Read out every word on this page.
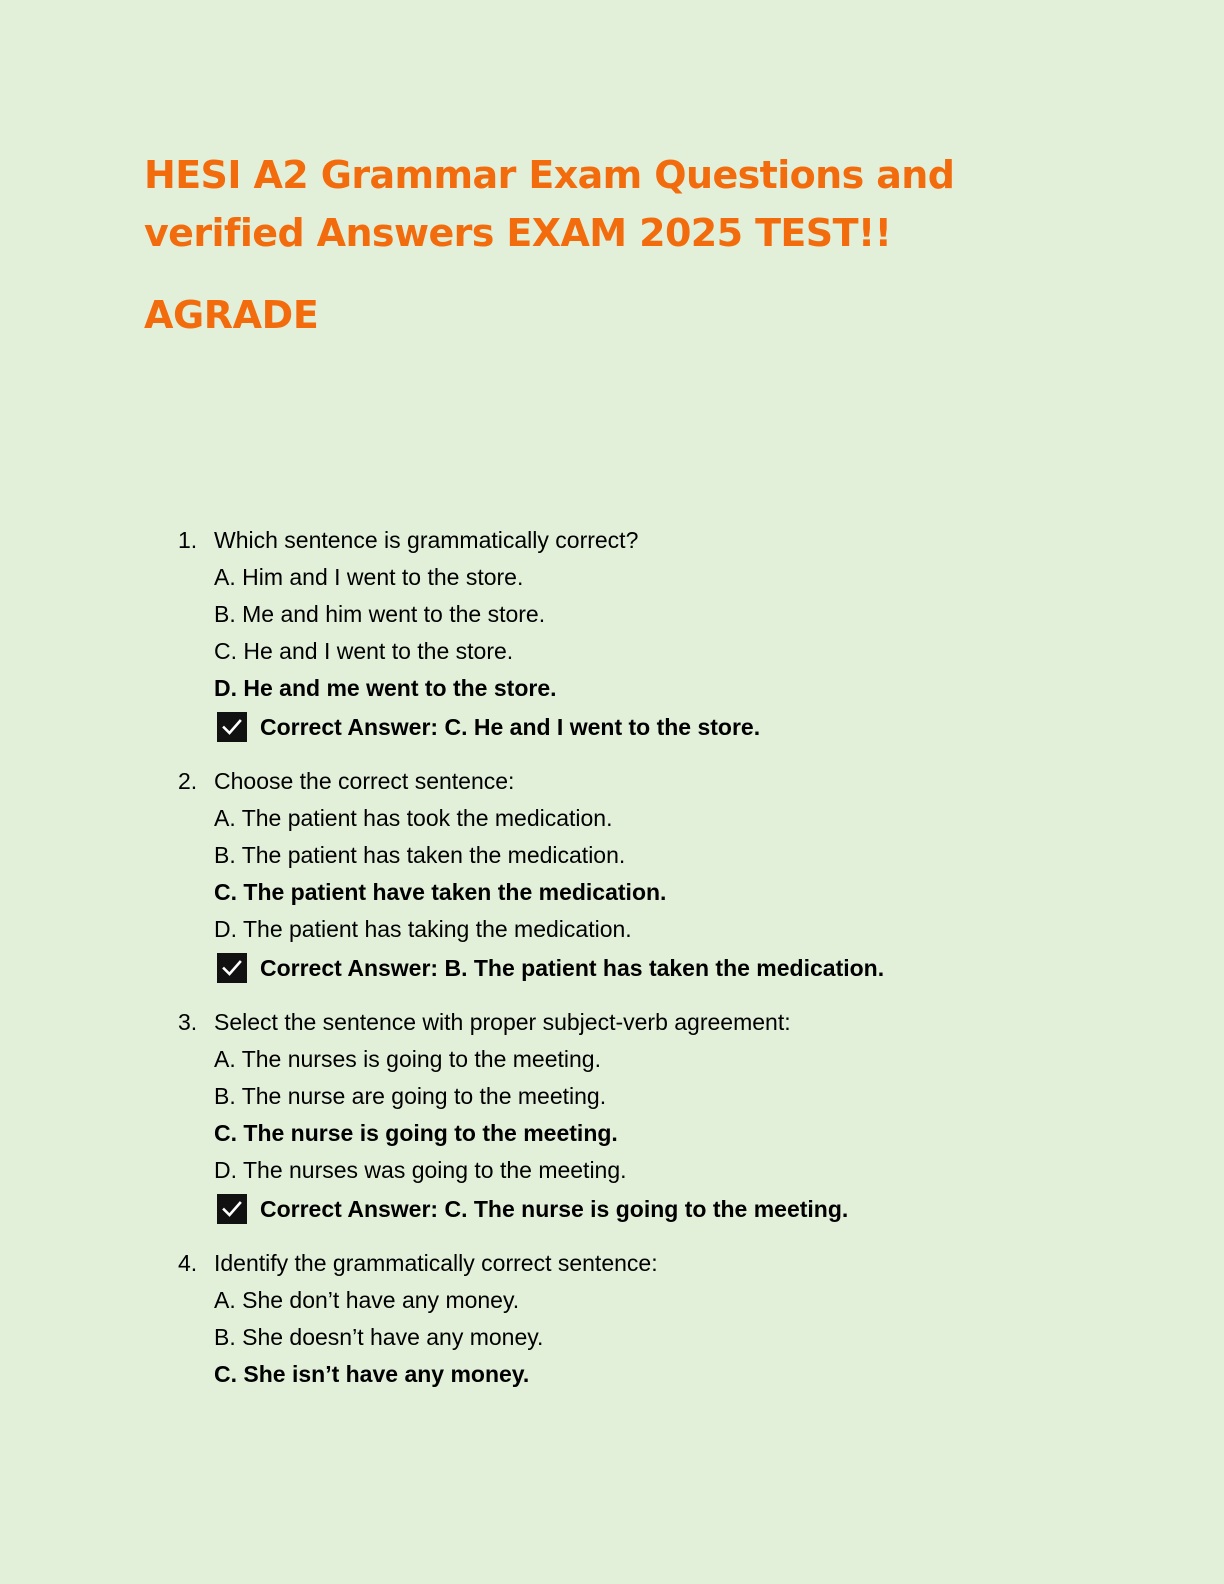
HESI A2 Grammar Exam Questions and verified Answers EXAM 2025 TEST!!
AGRADE
1. Which sentence is grammatically correct?
A. Him and I went to the store.
B. Me and him went to the store.
C. He and I went to the store.
D. He and me went to the store.
Correct Answer: C. He and I went to the store.
2. Choose the correct sentence:
A. The patient has took the medication.
B. The patient has taken the medication.
C. The patient have taken the medication.
D. The patient has taking the medication.
Correct Answer: B. The patient has taken the medication.
3. Select the sentence with proper subject-verb agreement:
A. The nurses is going to the meeting.
B. The nurse are going to the meeting.
C. The nurse is going to the meeting.
D. The nurses was going to the meeting.
Correct Answer: C. The nurse is going to the meeting.
4. Identify the grammatically correct sentence:
A. She don’t have any money.
B. She doesn’t have any money.
C. She isn’t have any money.
